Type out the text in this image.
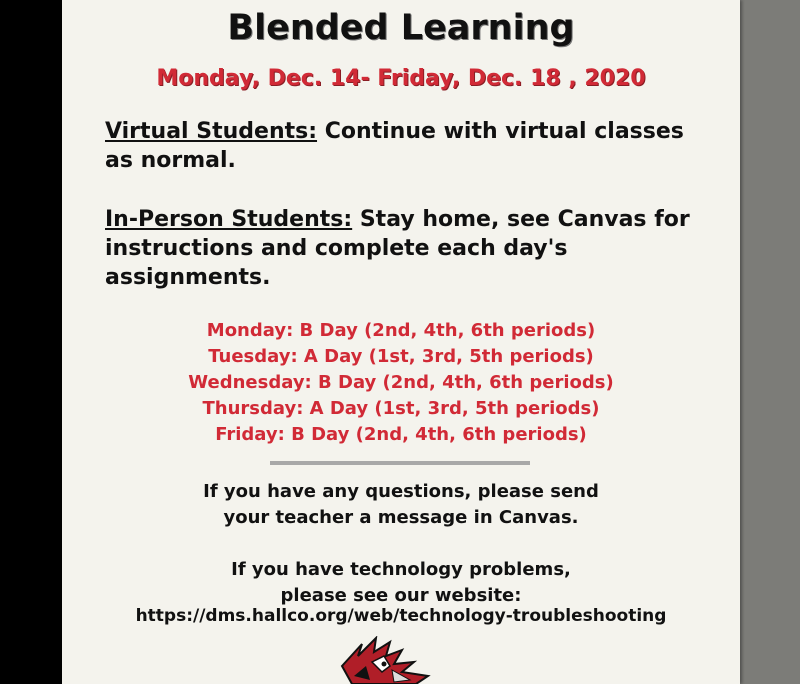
Blended Learning
Monday, Dec. 14- Friday, Dec. 18 , 2020

Virtual Students: Continue with virtual classes as normal.

In-Person Students: Stay home, see Canvas for instructions and complete each day's assignments.

Monday: B Day (2nd, 4th, 6th periods)
Tuesday: A Day (1st, 3rd, 5th periods)
Wednesday: B Day (2nd, 4th, 6th periods)
Thursday: A Day (1st, 3rd, 5th periods)
Friday: B Day (2nd, 4th, 6th periods)
If you have any questions, please send
your teacher a message in Canvas.
If you have technology problems,
please see our website:
https://dms.hallco.org/web/technology-troubleshooting
